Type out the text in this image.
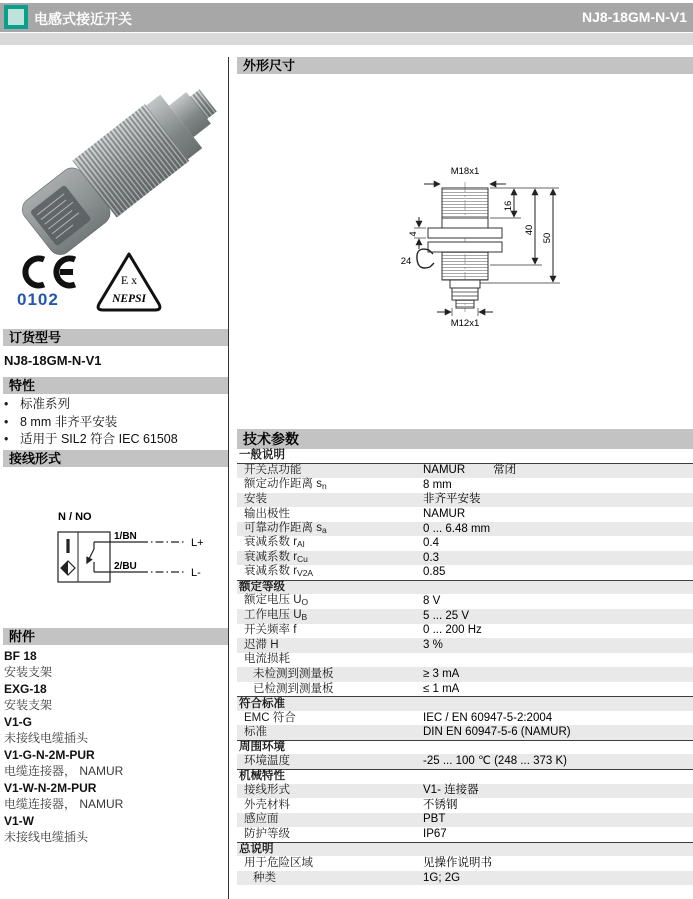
电感式接近开关	NJ8-18GM-N-V1
0102
E x
NEPSI
订货型号
NJ8-18GM-N-V1
特性
• 标准系列
• 8 mm 非齐平安装
• 适用于 SIL2 符合 IEC 61508
接线形式
N / NO
1/BN
2/BU
L+
L-
附件
BF 18
安装支架
EXG-18
安装支架
V1-G
未接线电缆插头
V1-G-N-2M-PUR
电缆连接器， NAMUR
V1-W-N-2M-PUR
电缆连接器， NAMUR
V1-W
未接线电缆插头
外形尺寸
M18x1
16
40
50
4
24
M12x1
技术参数
一般说明
开关点功能	NAMUR 常闭
额定动作距离 $s_n$	8 mm
安装	非齐平安装
输出极性	NAMUR
可靠动作距离 $s_a$	0 ... 6.48 mm
衰减系数 $r_{Al}$	0.4
衰减系数 $r_{Cu}$	0.3
衰减系数 $r_{V2A}$	0.85
额定等级
额定电压 $U_O$	8 V
工作电压 $U_B$	5 ... 25 V
开关频率 f	0 ... 200 Hz
迟滞 H	3 %
电流损耗
未检测到测量板	≥ 3 mA
已检测到测量板	≤ 1 mA
符合标准
EMC 符合	IEC / EN 60947-5-2:2004
标准	DIN EN 60947-5-6 (NAMUR)
周围环境
环境温度	-25 ... 100 ℃ (248 ... 373 K)
机械特性
接线形式	V1- 连接器
外壳材料	不锈钢
感应面	PBT
防护等级	IP67
总说明
用于危险区域	见操作说明书
种类	1G; 2G
